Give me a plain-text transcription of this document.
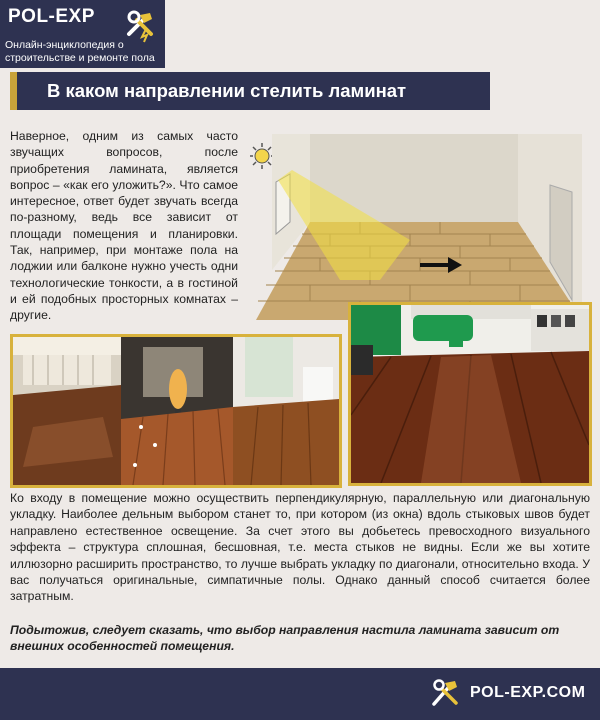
POL-EXP
Онлайн-энциклопедия о строительстве и ремонте пола
В каком направлении стелить ламинат
Наверное, одним из самых часто звучащих вопросов, после приобретения ламината, является вопрос – «как его уложить?». Что самое интересное, ответ будет звучать всегда по-разному, ведь все зависит от площади помещения и планировки. Так, например, при монтаже пола на лоджии или балконе нужно учесть одни технологические тонкости, а в гостиной и ей подобных просторных комнатах – другие.
Ко входу в помещение можно осуществить перпендикулярную, параллельную или диагональную укладку. Наиболее дельным выбором станет то, при котором (из окна) вдоль стыковых швов будет направлено естественное освещение. За счет этого вы добьетесь превосходного визуального эффекта – структура сплошная, бесшовная, т.е. места стыков не видны. Если же вы хотите иллюзорно расширить пространство, то лучше выбрать укладку по диагонали, относительно входа. У вас получаться оригинальные, симпатичные полы. Однако данный способ считается более затратным.
Подытожив, следует сказать, что выбор направления настила ламината зависит от внешних особенностей помещения.
POL-EXP.COM
